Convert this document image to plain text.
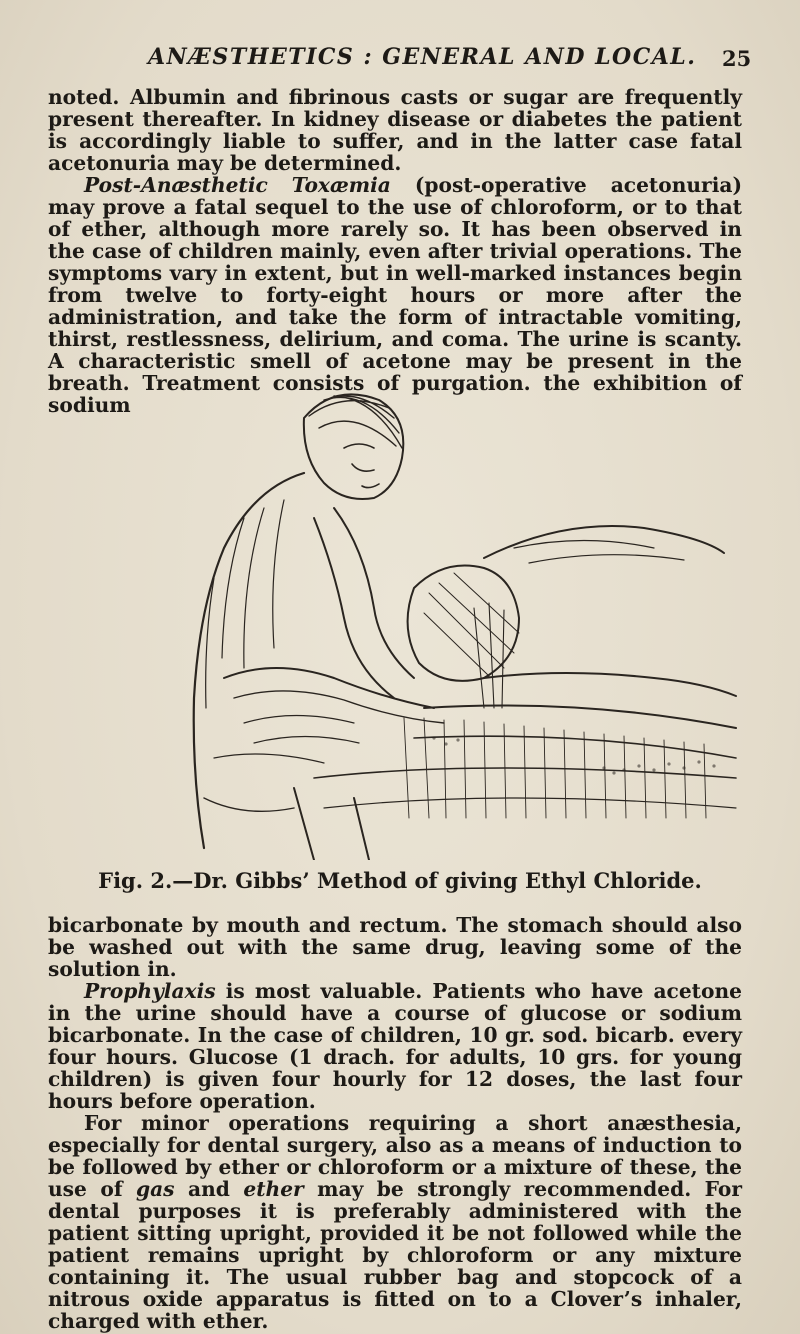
ANÆSTHETICS : GENERAL AND LOCAL. 25

noted. Albumin and fibrinous casts or sugar are frequently present thereafter. In kidney disease or diabetes the patient is accordingly liable to suffer, and in the latter case fatal acetonuria may be determined.

Post-Anæsthetic Toxæmia (post-operative acetonuria) may prove a fatal sequel to the use of chloroform, or to that of ether, although more rarely so. It has been observed in the case of children mainly, even after trivial operations. The symptoms vary in extent, but in well-marked instances begin from twelve to forty-eight hours or more after the administration, and take the form of intractable vomiting, thirst, restlessness, delirium, and coma. The urine is scanty. A characteristic smell of acetone may be present in the breath. Treatment consists of purgation. the exhibition of sodium

Fig. 2.—Dr. Gibbs’ Method of giving Ethyl Chloride.

bicarbonate by mouth and rectum. The stomach should also be washed out with the same drug, leaving some of the solution in.

Prophylaxis is most valuable. Patients who have acetone in the urine should have a course of glucose or sodium bicarbonate. In the case of children, 10 gr. sod. bicarb. every four hours. Glucose (1 drach. for adults, 10 grs. for young children) is given four hourly for 12 doses, the last four hours before operation.

For minor operations requiring a short anæsthesia, especially for dental surgery, also as a means of induction to be followed by ether or chloroform or a mixture of these, the use of gas and ether may be strongly recommended. For dental purposes it is preferably administered with the patient sitting upright, provided it be not followed while the patient remains upright by chloroform or any mixture containing it. The usual rubber bag and stopcock of a nitrous oxide apparatus is fitted on to a Clover’s inhaler, charged with ether.
